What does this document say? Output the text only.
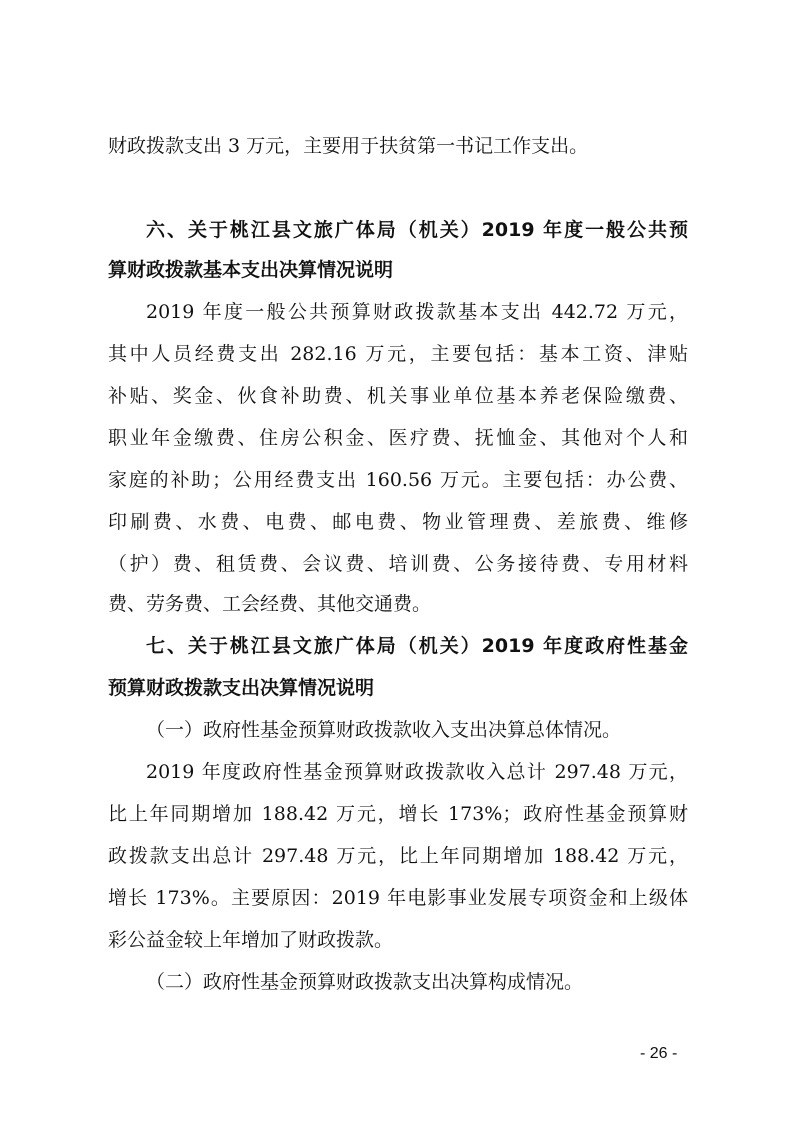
财政拨款支出 3 万元，主要用于扶贫第一书记工作支出。
六、关于桃江县文旅广体局（机关）2019 年度一般公共预
算财政拨款基本支出决算情况说明
2019 年度一般公共预算财政拨款基本支出 442.72 万元，
其中人员经费支出 282.16 万元，主要包括：基本工资、津贴
补贴、奖金、伙食补助费、机关事业单位基本养老保险缴费、
职业年金缴费、住房公积金、医疗费、抚恤金、其他对个人和
家庭的补助；公用经费支出 160.56 万元。主要包括：办公费、
印刷费、水费、电费、邮电费、物业管理费、差旅费、维修
（护）费、租赁费、会议费、培训费、公务接待费、专用材料
费、劳务费、工会经费、其他交通费。
七、关于桃江县文旅广体局（机关）2019 年度政府性基金
预算财政拨款支出决算情况说明
（一）政府性基金预算财政拨款收入支出决算总体情况。
2019 年度政府性基金预算财政拨款收入总计 297.48 万元，
比上年同期增加 188.42 万元，增长 173%；政府性基金预算财
政拨款支出总计 297.48 万元，比上年同期增加 188.42 万元，
增长 173%。主要原因：2019 年电影事业发展专项资金和上级体
彩公益金较上年增加了财政拨款。
（二）政府性基金预算财政拨款支出决算构成情况。
- 26 -
